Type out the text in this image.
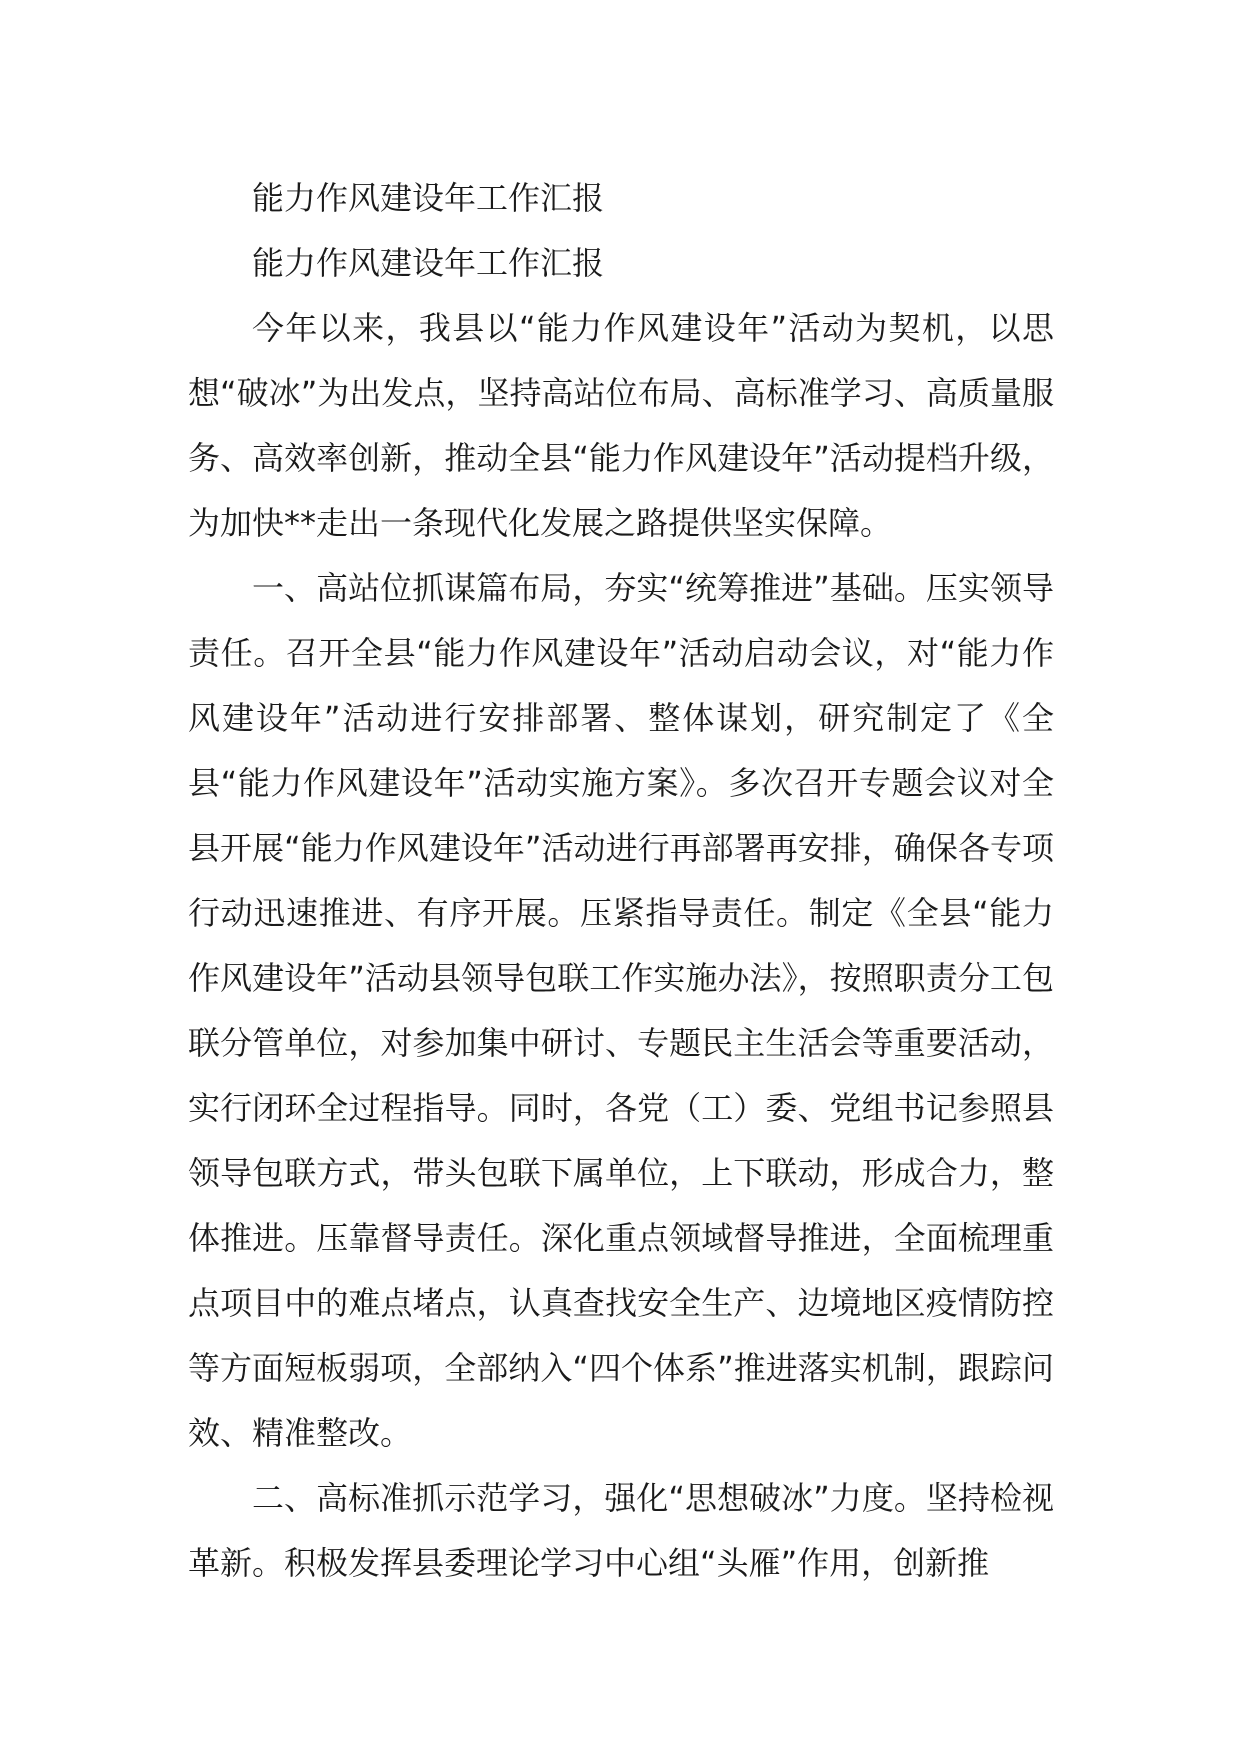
能力作风建设年工作汇报

能力作风建设年工作汇报

今年以来，我县以“能力作风建设年”活动为契机，以思想“破冰”为出发点，坚持高站位布局、高标准学习、高质量服务、高效率创新，推动全县“能力作风建设年”活动提档升级，为加快**走出一条现代化发展之路提供坚实保障。

一、高站位抓谋篇布局，夯实“统筹推进”基础。压实领导责任。召开全县“能力作风建设年”活动启动会议，对“能力作风建设年”活动进行安排部署、整体谋划，研究制定了《全县“能力作风建设年”活动实施方案》。多次召开专题会议对全县开展“能力作风建设年”活动进行再部署再安排，确保各专项行动迅速推进、有序开展。压紧指导责任。制定《全县“能力作风建设年”活动县领导包联工作实施办法》，按照职责分工包联分管单位，对参加集中研讨、专题民主生活会等重要活动，实行闭环全过程指导。同时，各党（工）委、党组书记参照县领导包联方式，带头包联下属单位，上下联动，形成合力，整体推进。压靠督导责任。深化重点领域督导推进，全面梳理重点项目中的难点堵点，认真查找安全生产、边境地区疫情防控等方面短板弱项，全部纳入“四个体系”推进落实机制，跟踪问效、精准整改。

二、高标准抓示范学习，强化“思想破冰”力度。坚持检视革新。积极发挥县委理论学习中心组“头雁”作用，创新推
